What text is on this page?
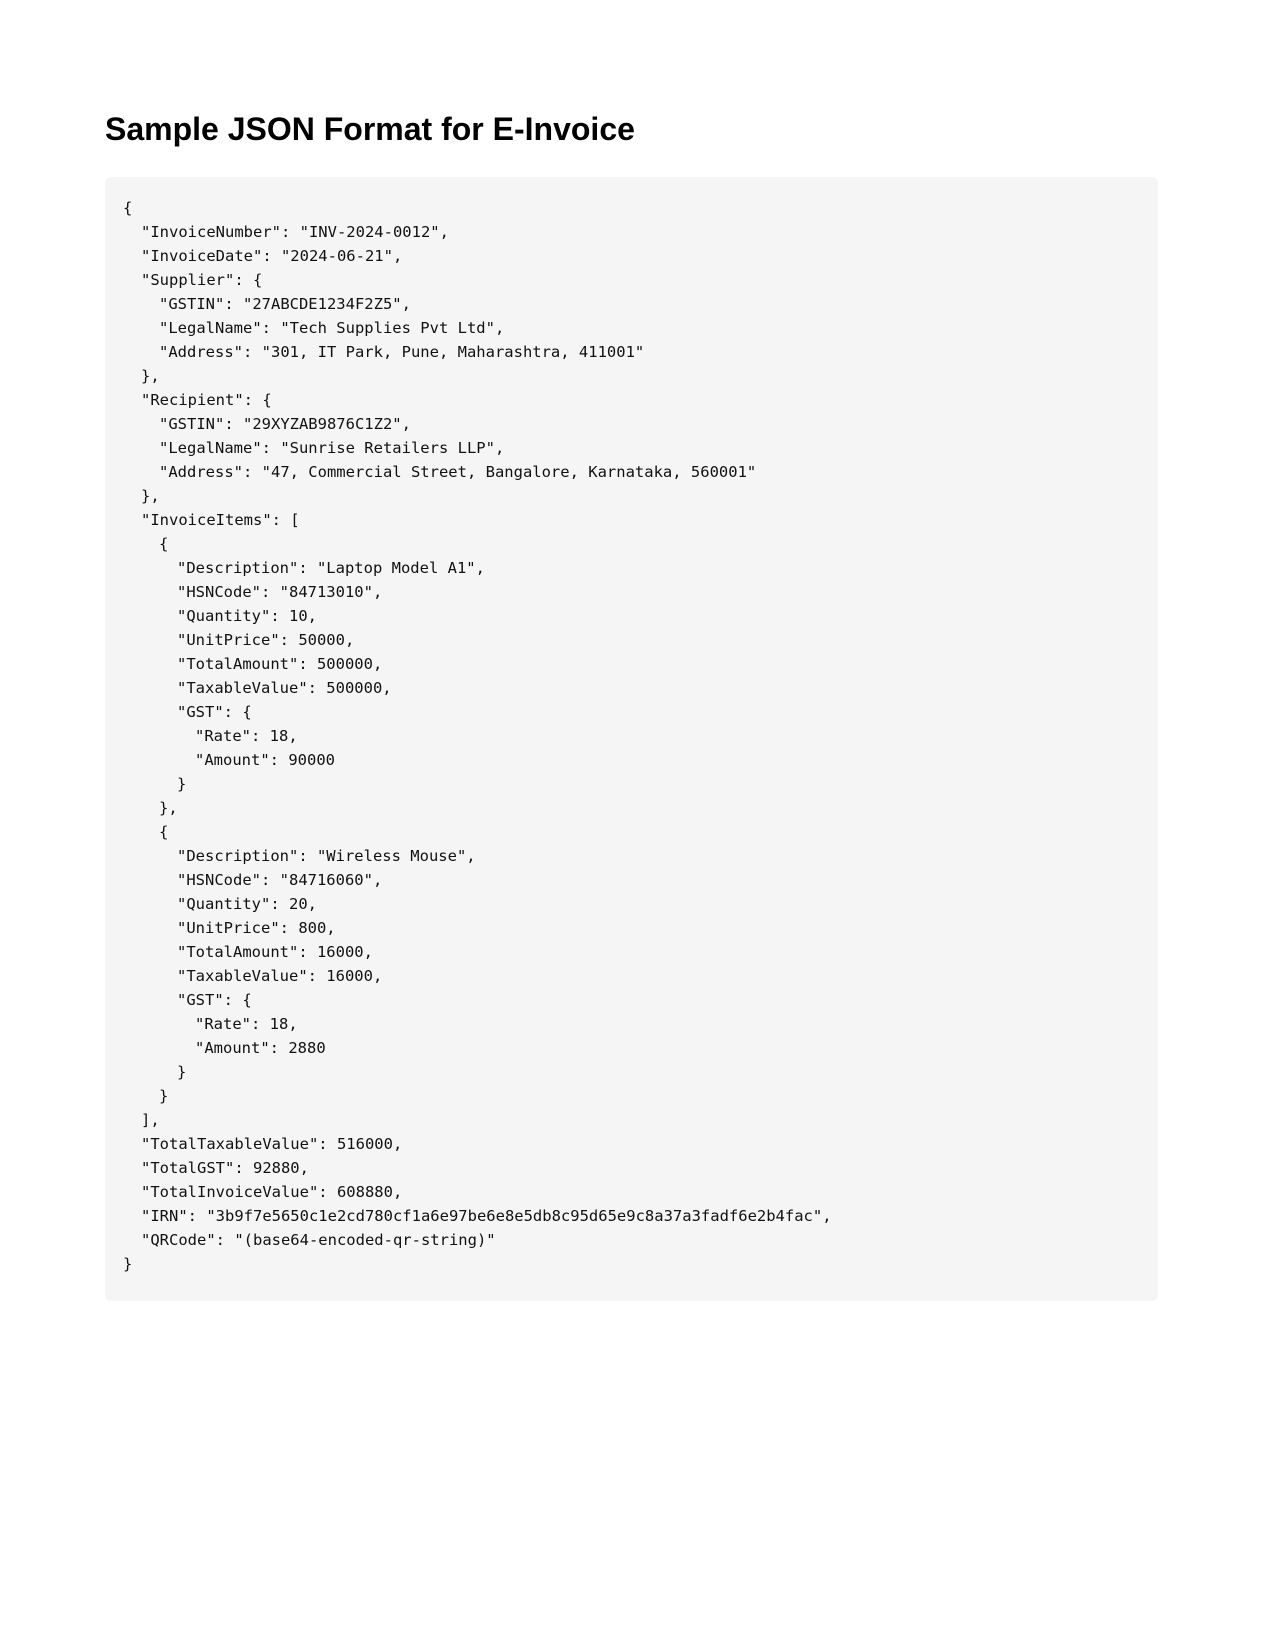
Sample JSON Format for E-Invoice
{
"InvoiceNumber": "INV-2024-0012",
"InvoiceDate": "2024-06-21",
"Supplier": {
"GSTIN": "27ABCDE1234F2Z5",
"LegalName": "Tech Supplies Pvt Ltd",
"Address": "301, IT Park, Pune, Maharashtra, 411001"
},
"Recipient": {
"GSTIN": "29XYZAB9876C1Z2",
"LegalName": "Sunrise Retailers LLP",
"Address": "47, Commercial Street, Bangalore, Karnataka, 560001"
},
"InvoiceItems": [
{
"Description": "Laptop Model A1",
"HSNCode": "84713010",
"Quantity": 10,
"UnitPrice": 50000,
"TotalAmount": 500000,
"TaxableValue": 500000,
"GST": {
"Rate": 18,
"Amount": 90000
}
},
{
"Description": "Wireless Mouse",
"HSNCode": "84716060",
"Quantity": 20,
"UnitPrice": 800,
"TotalAmount": 16000,
"TaxableValue": 16000,
"GST": {
"Rate": 18,
"Amount": 2880
}
}
],
"TotalTaxableValue": 516000,
"TotalGST": 92880,
"TotalInvoiceValue": 608880,
"IRN": "3b9f7e5650c1e2cd780cf1a6e97be6e8e5db8c95d65e9c8a37a3fadf6e2b4fac",
"QRCode": "(base64-encoded-qr-string)"
}
